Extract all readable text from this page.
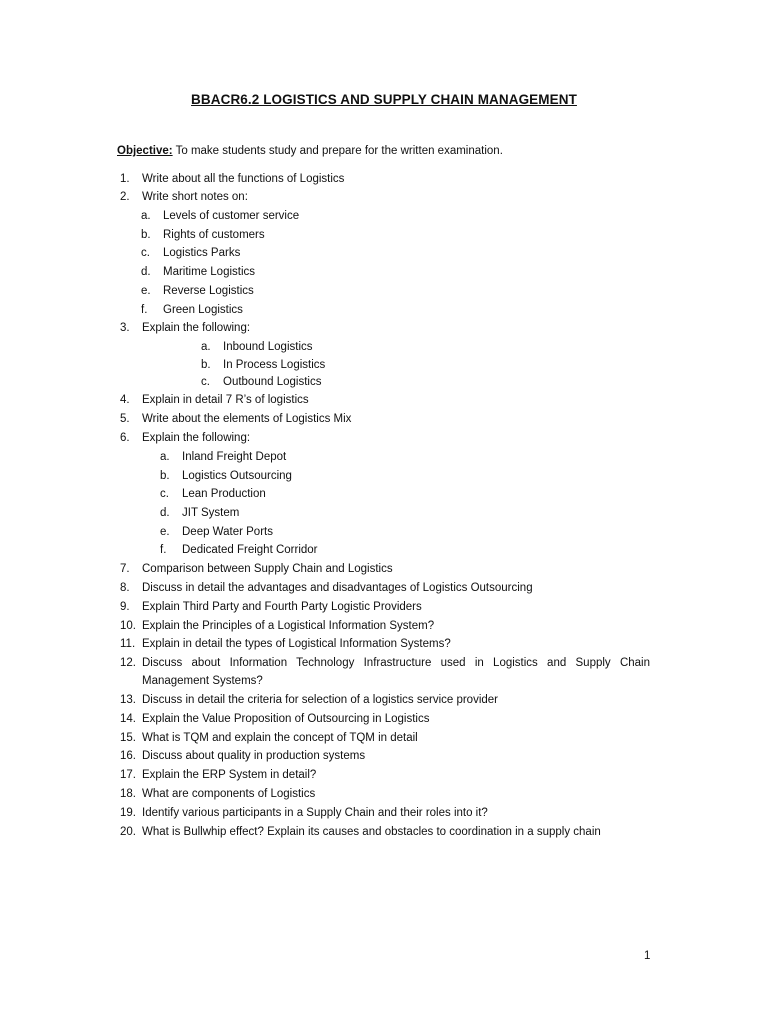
BBACR6.2 LOGISTICS AND SUPPLY CHAIN MANAGEMENT
Objective: To make students study and prepare for the written examination.
1. Write about all the functions of Logistics
2. Write short notes on:
a. Levels of customer service
b. Rights of customers
c. Logistics Parks
d. Maritime Logistics
e. Reverse Logistics
f. Green Logistics
3. Explain the following:
a. Inbound Logistics
b. In Process Logistics
c. Outbound Logistics
4. Explain in detail 7 R’s of logistics
5. Write about the elements of Logistics Mix
6. Explain the following:
a. Inland Freight Depot
b. Logistics Outsourcing
c. Lean Production
d. JIT System
e. Deep Water Ports
f. Dedicated Freight Corridor
7. Comparison between Supply Chain and Logistics
8. Discuss in detail the advantages and disadvantages of Logistics Outsourcing
9. Explain Third Party and Fourth Party Logistic Providers
10. Explain the Principles of a Logistical Information System?
11. Explain in detail the types of Logistical Information Systems?
12. Discuss about Information Technology Infrastructure used in Logistics and Supply Chain
Management Systems?
13. Discuss in detail the criteria for selection of a logistics service provider
14. Explain the Value Proposition of Outsourcing in Logistics
15. What is TQM and explain the concept of TQM in detail
16. Discuss about quality in production systems
17. Explain the ERP System in detail?
18. What are components of Logistics
19. Identify various participants in a Supply Chain and their roles into it?
20. What is Bullwhip effect? Explain its causes and obstacles to coordination in a supply chain
1
